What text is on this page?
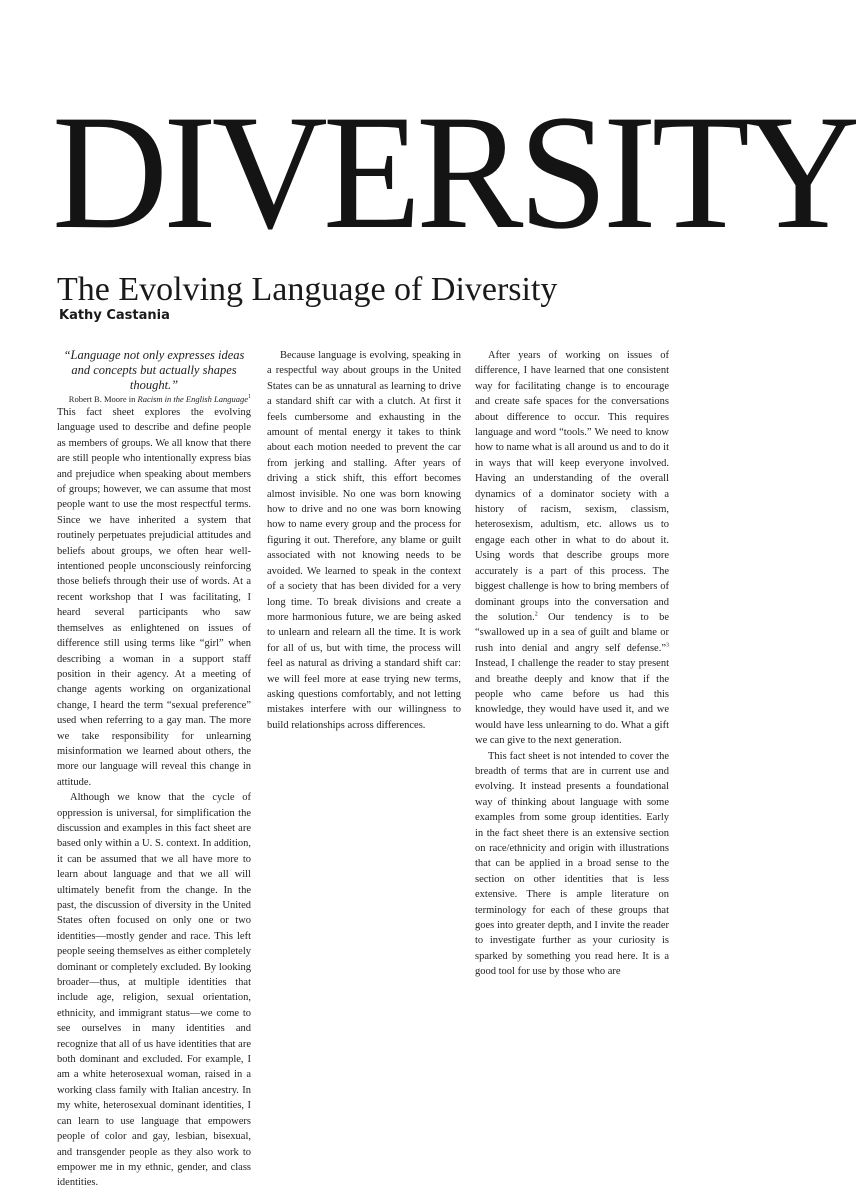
DIVERSITY
The Evolving Language of Diversity
Kathy Castania

“Language not only expresses ideas and concepts but actually shapes thought.”

Robert B. Moore in Racism in the English Language$^1$

This fact sheet explores the evolving language used to describe and define people as members of groups. We all know that there are still people who intentionally express bias and prejudice when speaking about members of groups; however, we can assume that most people want to use the most respectful terms. Since we have inherited a system that routinely perpetuates prejudicial attitudes and beliefs about groups, we often hear well-intentioned people unconsciously reinforcing those beliefs through their use of words. At a recent workshop that I was facilitating, I heard several participants who saw themselves as enlightened on issues of difference still using terms like “girl” when describing a woman in a support staff position in their agency. At a meeting of change agents working on organizational change, I heard the term “sexual preference” used when referring to a gay man. The more we take responsibility for unlearning misinformation we learned about others, the more our language will reveal this change in attitude.

Although we know that the cycle of oppression is universal, for simplification the discussion and examples in this fact sheet are based only within a U. S. context. In addition, it can be assumed that we all have more to learn about language and that we all will ultimately benefit from the change. In the past, the discussion of diversity in the United States often focused on only one or two identities—mostly gender and race. This left people seeing themselves as either completely dominant or completely excluded. By looking broader—thus, at multiple identities that include age, religion, sexual orientation, ethnicity, and immigrant status—we come to see ourselves in many identities and recognize that all of us have identities that are both dominant and excluded. For example, I am a white heterosexual woman, raised in a working class family with Italian ancestry. In my white, heterosexual dominant identities, I can learn to use language that empowers people of color and gay, lesbian, bisexual, and transgender people as they also work to empower me in my ethnic, gender, and class identities.

Because language is evolving, speaking in a respectful way about groups in the United States can be as unnatural as learning to drive a standard shift car with a clutch. At first it feels cumbersome and exhausting in the amount of mental energy it takes to think about each motion needed to prevent the car from jerking and stalling. After years of driving a stick shift, this effort becomes almost invisible. No one was born knowing how to drive and no one was born knowing how to name every group and the process for figuring it out. Therefore, any blame or guilt associated with not knowing needs to be avoided. We learned to speak in the context of a society that has been divided for a very long time. To break divisions and create a more harmonious future, we are being asked to unlearn and relearn all the time. It is work for all of us, but with time, the process will feel as natural as driving a standard shift car: we will feel more at ease trying new terms, asking questions comfortably, and not letting mistakes interfere with our willingness to build relationships across differences.

After years of working on issues of difference, I have learned that one consistent way for facilitating change is to encourage and create safe spaces for the conversations about difference to occur. This requires language and word “tools.” We need to know how to name what is all around us and to do it in ways that will keep everyone involved. Having an understanding of the overall dynamics of a dominator society with a history of racism, sexism, classism, heterosexism, adultism, etc. allows us to engage each other in what to do about it. Using words that describe groups more accurately is a part of this process. The biggest challenge is how to bring members of dominant groups into the conversation and the solution.$^2$ Our tendency is to be “swallowed up in a sea of guilt and blame or rush into denial and angry self defense.”$^3$ Instead, I challenge the reader to stay present and breathe deeply and know that if the people who came before us had this knowledge, they would have used it, and we would have less unlearning to do. What a gift we can give to the next generation.

This fact sheet is not intended to cover the breadth of terms that are in current use and evolving. It instead presents a foundational way of thinking about language with some examples from some group identities. Early in the fact sheet there is an extensive section on race/ethnicity and origin with illustrations that can be applied in a broad sense to the section on other identities that is less extensive. There is ample literature on terminology for each of these groups that goes into greater depth, and I invite the reader to investigate further as your curiosity is sparked by something you read here. It is a good tool for use by those who are
